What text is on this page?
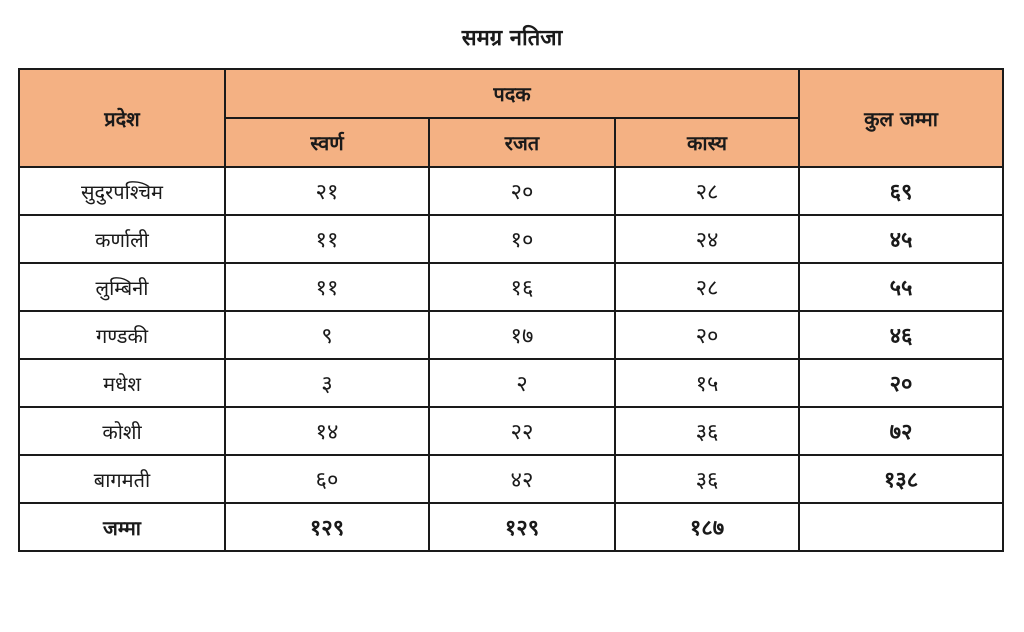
समग्र नतिजा
प्रदेश	पदक			कुल जम्मा
	स्वर्ण	रजत	कास्य	
सुदुरपश्चिम	२१	२०	२८	६९
कर्णाली	११	१०	२४	४५
लुम्बिनी	११	१६	२८	५५
गण्डकी	९	१७	२०	४६
मधेश	३	२	१५	२०
कोशी	१४	२२	३६	७२
बागमती	६०	४२	३६	१३८
जम्मा	१२९	१२९	१८७	
